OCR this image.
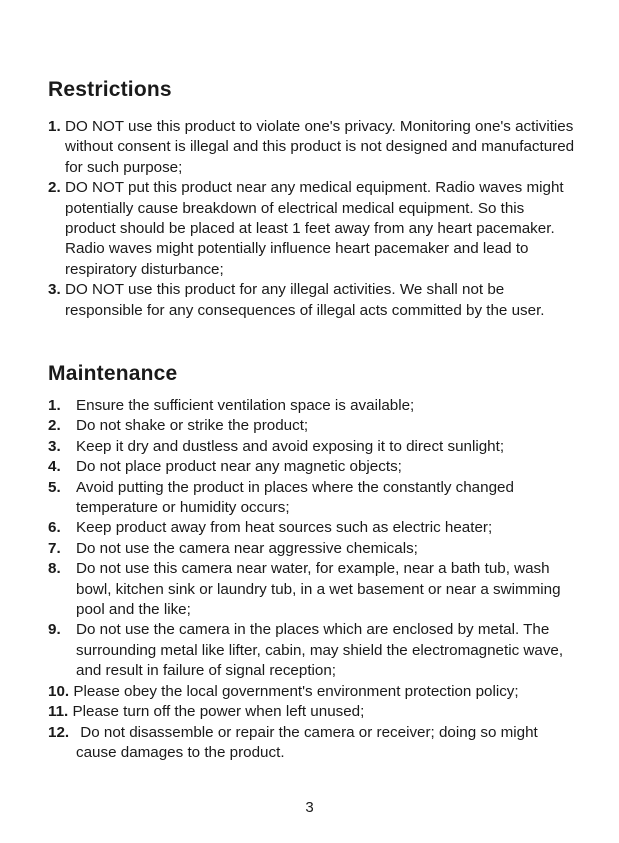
Restrictions
1. DO NOT use this product to violate one's privacy. Monitoring one's activities without consent is illegal and this product is not designed and manufactured for such purpose;
2. DO NOT put this product near any medical equipment. Radio waves might potentially cause breakdown of electrical medical equipment. So this product should be placed at least 1 feet away from any heart pacemaker. Radio waves might potentially influence heart pacemaker and lead to respiratory disturbance;
3. DO NOT use this product for any illegal activities. We shall not be responsible for any consequences of illegal acts committed by the user.
Maintenance
1. Ensure the sufficient ventilation space is available;
2. Do not shake or strike the product;
3. Keep it dry and dustless and avoid exposing it to direct sunlight;
4. Do not place product near any magnetic objects;
5. Avoid putting the product in places where the constantly changed temperature or humidity occurs;
6. Keep product away from heat sources such as electric heater;
7. Do not use the camera near aggressive chemicals;
8. Do not use this camera near water, for example, near a bath tub, wash bowl, kitchen sink or laundry tub, in a wet basement or near a swimming pool and the like;
9. Do not use the camera in the places which are enclosed by metal. The surrounding metal like lifter, cabin, may shield the electromagnetic wave, and result in failure of signal reception;
10. Please obey the local government's environment protection policy;
11. Please turn off the power when left unused;
12. Do not disassemble or repair the camera or receiver; doing so might cause damages to the product.
3
